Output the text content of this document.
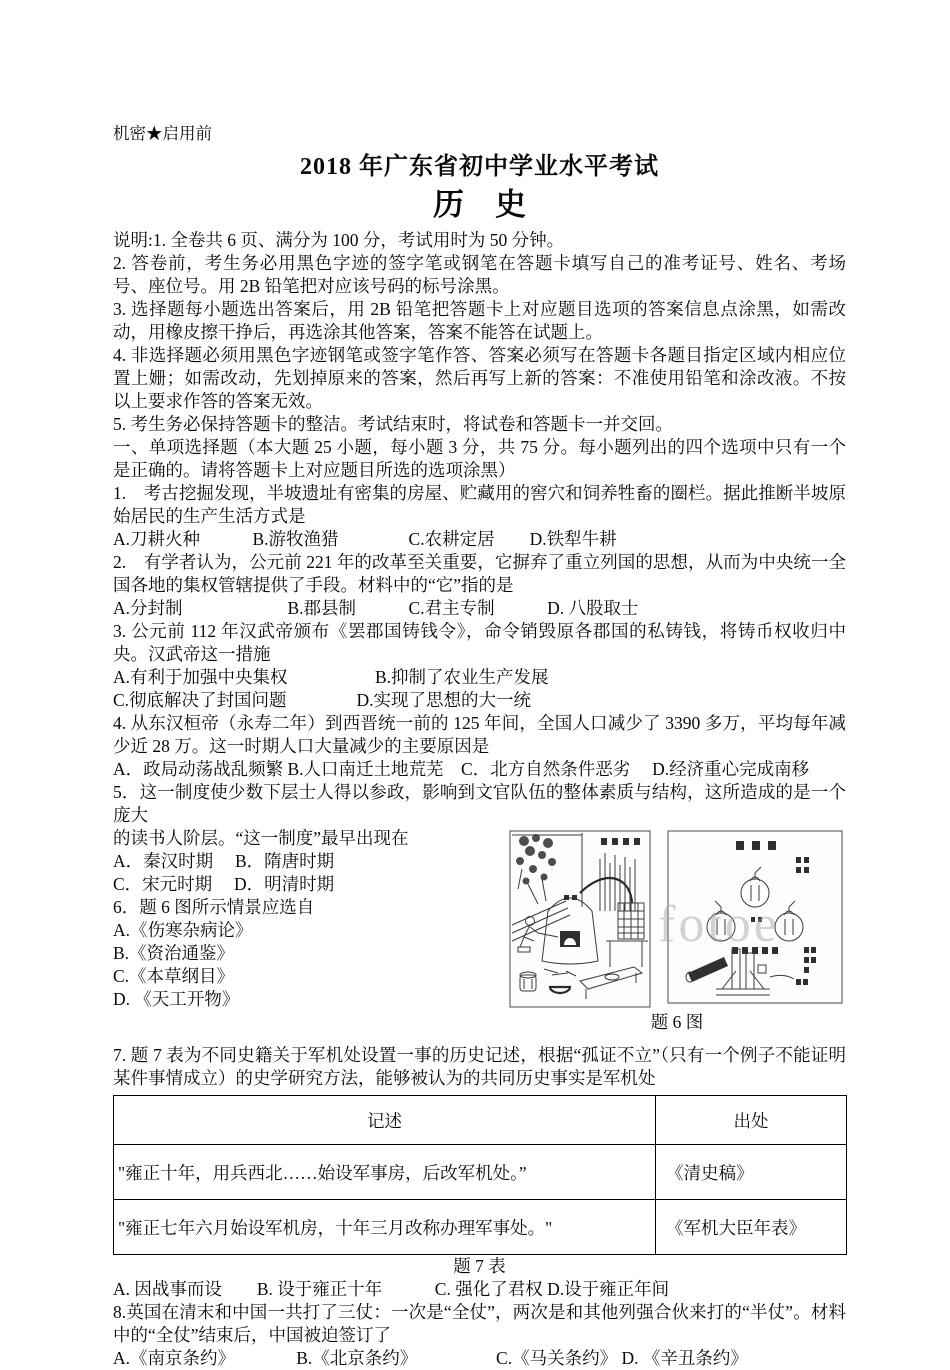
机密★启用前

2018 年广东省初中学业水平考试
历　史

说明:1. 全卷共 6 页、满分为 100 分，考试用时为 50 分钟。

2. 答卷前，考生务必用黑色字迹的签字笔或钢笔在答题卡填写自己的准考证号、姓名、考场号、座位号。用 2B 铅笔把对应该号码的标号涂黑。

3. 选择题每小题选出答案后，用 2B 铅笔把答题卡上对应题目选项的答案信息点涂黑，如需改动，用橡皮擦干挣后，再选涂其他答案，答案不能答在试题上。

4. 非选择题必须用黑色字迹钢笔或签字笔作答、答案必须写在答题卡各题目指定区域内相应位置上姗；如需改动，先划掉原来的答案，然后再写上新的答案：不准使用铅笔和涂改液。不按以上要求作答的答案无效。

5. 考生务必保持答题卡的整洁。考试结束时，将试卷和答题卡一并交回。

一、单项选择题（本大题 25 小题，每小题 3 分，共 75 分。每小题列出的四个选项中只有一个是正确的。请将答题卡上对应题目所选的选项涂黑）

1.　考古挖掘发现，半坡遗址有密集的房屋、贮藏用的窖穴和饲养牲畜的圈栏。据此推断半坡原始居民的生产生活方式是

A.刀耕火种　　　B.游牧渔猎　　　　C.农耕定居　　D.铁犁牛耕

2.　有学者认为，公元前 221 年的改革至关重要，它摒弃了重立列国的思想，从而为中央统一全国各地的集权管辖提供了手段。材料中的“它”指的是

A.分封制　　　　　　B.郡县制　　　C.君主专制　　　D. 八股取士

3. 公元前 112 年汉武帝颁布《罢郡国铸钱令》，命令销毁原各郡国的私铸钱，将铸币权收归中央。汉武帝这一措施

A.有利于加强中央集权　　　　　B.抑制了农业生产发展

C.彻底解决了封国问题　　　　D.实现了思想的大一统

4. 从东汉桓帝（永寿二年）到西晋统一前的 125 年间，全国人口减少了 3390 多万，平均每年减少近 28 万。这一时期人口大量减少的主要原因是

A．政局动荡战乱频繁 B.人口南迁土地荒芜　C．北方自然条件恶劣　 D.经济重心完成南移

5．这一制度使少数下层士人得以参政，影响到文官队伍的整体素质与结构，这所造成的是一个庞大

fotoe

题 6 图

的读书人阶层。“这一制度”最早出现在

A．秦汉时期　 B．隋唐时期

C．宋元时期　 D．明清时期

6．题 6 图所示情景应选自

A.《伤寒杂病论》

B.《资治通鉴》

C.《本草纲目》

D. 《天工开物》

7. 题 7 表为不同史籍关于军机处设置一事的历史记述，根据“孤证不立”（只有一个例子不能证明某件事情成立）的史学研究方法，能够被认为的共同历史事实是军机处

记述	出处
"雍正十年，用兵西北……始设军事房，后改军机处。”	《清史稿》
"雍正七年六月始设军机房，十年三月改称办理军事处。"	《军机大臣年表》

题 7 表

A. 因战事而设　　B. 设于雍正十年　　　C. 强化了君权 D.设于雍正年间

8.英国在清末和中国一共打了三仗：一次是“全仗”，两次是和其他列强合伙来打的“半仗”。材料中的“全仗”结束后，中国被迫签订了

A.《南京条约》　　　　B.《北京条约》　　　　　C.《马关条约》 D. 《辛丑条约》
